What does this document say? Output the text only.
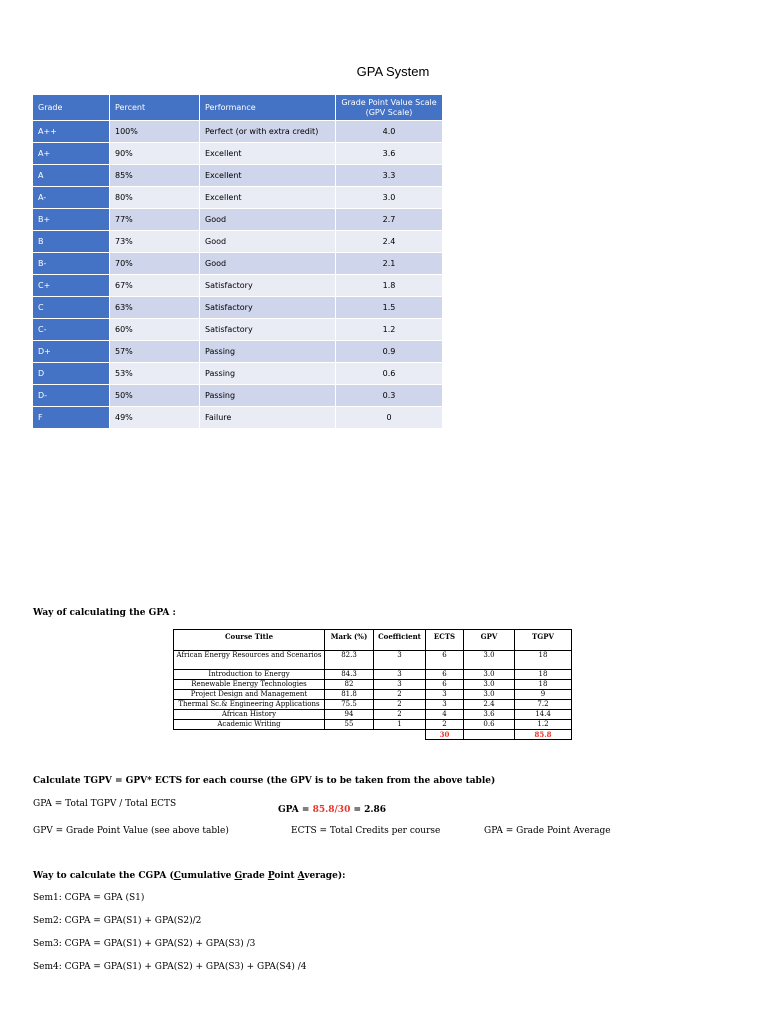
GPA System
Grade	Percent	Performance	Grade Point Value Scale
(GPV Scale)
A++	100%	Perfect (or with extra credit)	4.0
A+	90%	Excellent	3.6
A	85%	Excellent	3.3
A-	80%	Excellent	3.0
B+	77%	Good	2.7
B	73%	Good	2.4
B-	70%	Good	2.1
C+	67%	Satisfactory	1.8
C	63%	Satisfactory	1.5
C-	60%	Satisfactory	1.2
D+	57%	Passing	0.9
D	53%	Passing	0.6
D-	50%	Passing	0.3
F	49%	Failure	0
Way of calculating the GPA :
Course Title	Mark (%)	Coefficient	ECTS	GPV	TGPV
African Energy Resources and Scenarios	82.3	3	6	3.0	18
Introduction to Energy	84.3	3	6	3.0	18
Renewable Energy Technologies	82	3	6	3.0	18
Project Design and Management	81.8	2	3	3.0	9
Thermal Sc.& Engineering Applications	75.5	2	3	2.4	7.2
African History	94	2	4	3.6	14.4
Academic Writing	55	1	2	0.6	1.2
			30		85.8
Calculate TGPV = GPV* ECTS for each course (the GPV is to be taken from the above table)
GPA = Total TGPV / Total ECTS
GPA = 85.8/30 = 2.86
GPV = Grade Point Value (see above table)	ECTS = Total Credits per course	GPA = Grade Point Average
Way to calculate the CGPA (Cumulative Grade Point Average):
Sem1: CGPA = GPA (S1)
Sem2: CGPA = GPA(S1) + GPA(S2)/2
Sem3: CGPA = GPA(S1) + GPA(S2) + GPA(S3) /3
Sem4: CGPA = GPA(S1) + GPA(S2) + GPA(S3) + GPA(S4) /4
